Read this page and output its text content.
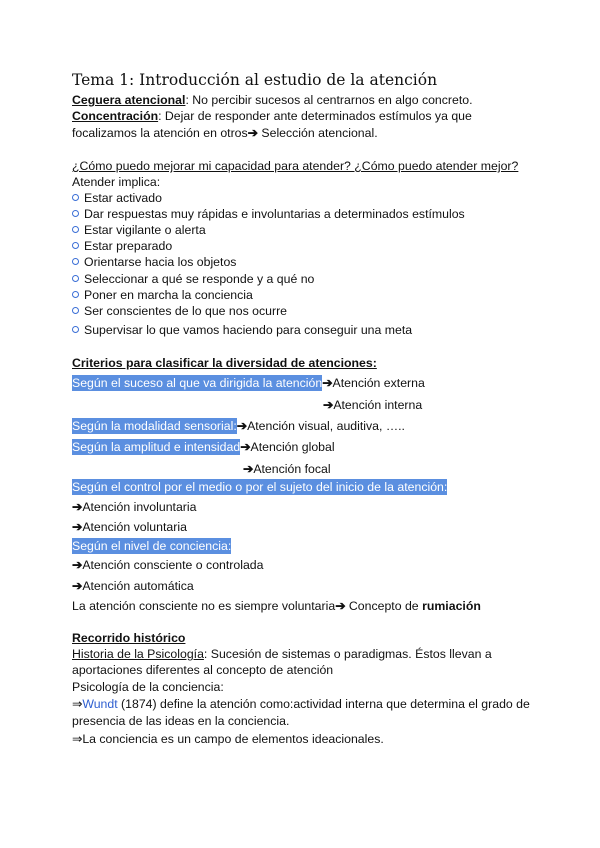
Tema 1: Introducción al estudio de la atención
Ceguera atencional: No percibir sucesos al centrarnos en algo concreto.
Concentración: Dejar de responder ante determinados estímulos ya que
focalizamos la atención en otros➔ Selección atencional.
¿Cómo puedo mejorar mi capacidad para atender? ¿Cómo puedo atender mejor?
Atender implica:
Estar activado
Dar respuestas muy rápidas e involuntarias a determinados estímulos
Estar vigilante o alerta
Estar preparado
Orientarse hacia los objetos
Seleccionar a qué se responde y a qué no
Poner en marcha la conciencia
Ser conscientes de lo que nos ocurre
Supervisar lo que vamos haciendo para conseguir una meta
Criterios para clasificar la diversidad de atenciones:
Según el suceso al que va dirigida la atención➔Atención externa
➔Atención interna
Según la modalidad sensorial:➔Atención visual, auditiva, …..
Según la amplitud e intensidad➔Atención global
➔Atención focal
Según el control por el medio o por el sujeto del inicio de la atención:
➔Atención involuntaria
➔Atención voluntaria
Según el nivel de conciencia:
➔Atención consciente o controlada
➔Atención automática
La atención consciente no es siempre voluntaria➔ Concepto de rumiación
Recorrido histórico
Historia de la Psicología: Sucesión de sistemas o paradigmas. Éstos llevan a
aportaciones diferentes al concepto de atención
Psicología de la conciencia:
⇒Wundt (1874) define la atención como:actividad interna que determina el grado de
presencia de las ideas en la conciencia.
⇒La conciencia es un campo de elementos ideacionales.
